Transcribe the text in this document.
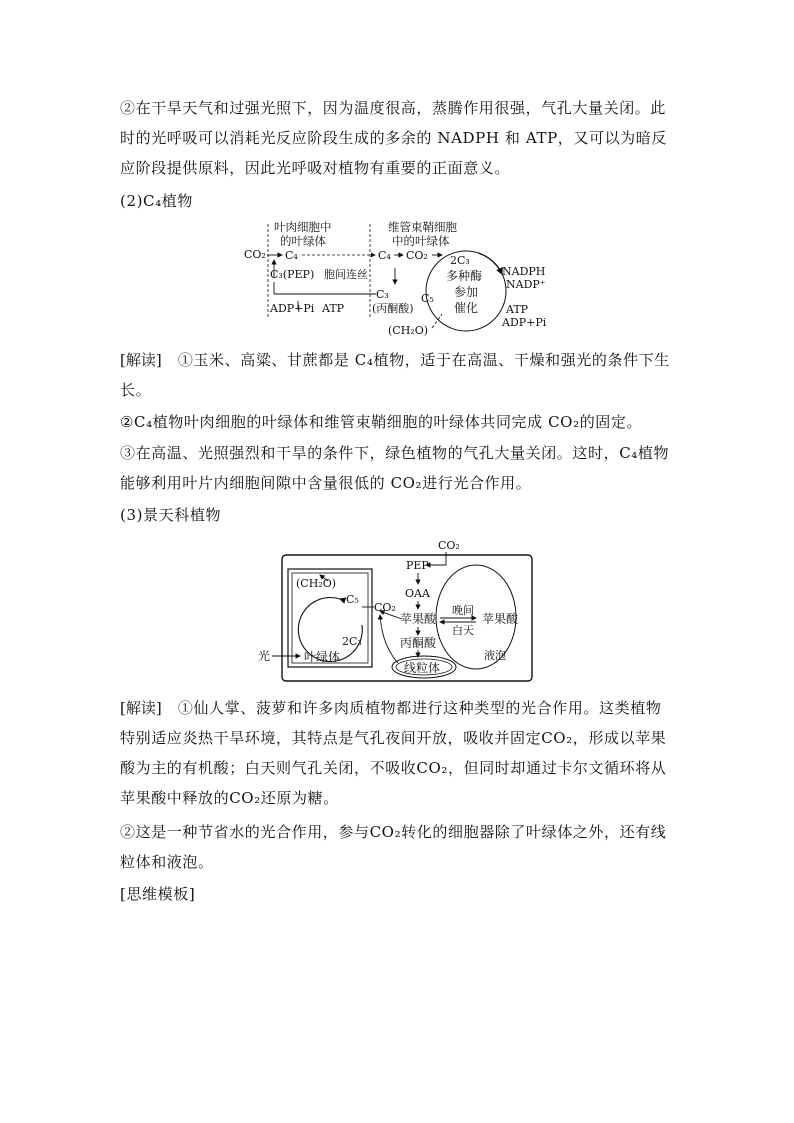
②在干旱天气和过强光照下，因为温度很高，蒸腾作用很强，气孔大量关闭。此时的光呼吸可以消耗光反应阶段生成的多余的 NADPH 和 ATP，又可以为暗反应阶段提供原料，因此光呼吸对植物有重要的正面意义。

(2)C₄植物

叶肉细胞中
的叶绿体
维管束鞘细胞
中的叶绿体
CO₂ C₄	C₄ CO₂
C₃(PEP) 胞间连丝
C₃
(丙酮酸)
ADP+Pi ATP
2C₃
C₅
多种酶
参加
催化
NADPH
NADP⁺
ATP
ADP+Pi
(CH₂O)

[解读] ①玉米、高粱、甘蔗都是 C₄植物，适于在高温、干燥和强光的条件下生长。

②C₄植物叶肉细胞的叶绿体和维管束鞘细胞的叶绿体共同完成 CO₂的固定。

③在高温、光照强烈和干旱的条件下，绿色植物的气孔大量关闭。这时，C₄植物能够利用叶片内细胞间隙中含量很低的 CO₂进行光合作用。

(3)景天科植物

CO₂
PEP
OAA
苹果酸
晚间
白天
苹果酸
液泡
丙酮酸
线粒体
CO₂
(CH₂O)
C₅
2C₃
光	叶绿体

[解读] ①仙人掌、菠萝和许多肉质植物都进行这种类型的光合作用。这类植物特别适应炎热干旱环境，其特点是气孔夜间开放，吸收并固定CO₂，形成以苹果酸为主的有机酸；白天则气孔关闭，不吸收CO₂，但同时却通过卡尔文循环将从苹果酸中释放的CO₂还原为糖。

②这是一种节省水的光合作用，参与CO₂转化的细胞器除了叶绿体之外，还有线粒体和液泡。

[思维模板]
